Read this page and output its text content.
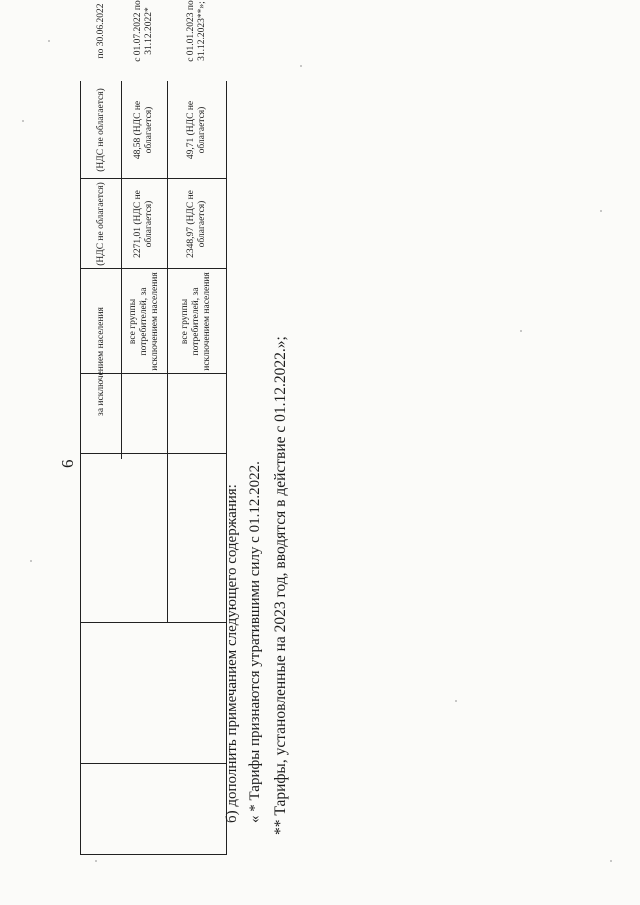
6
за исключением населения
(НДС не облагается)
(НДС не облагается)
по 30.06.2022
все группы потребителей, за исключением населения
2271,01 (НДС не облагается)
48,58 (НДС не облагается)
с 01.07.2022 по 31.12.2022*
все группы потребителей, за исключением населения
2348,97 (НДС не облагается)
49,71 (НДС не облагается)
с 01.01.2023 по 31.12.2023**»;
б) дополнить примечанием следующего содержания: « * Тарифы признаются утратившими силу с 01.12.2022. ** Тарифы, установленные на 2023 год, вводятся в действие с 01.12.2022.»;
